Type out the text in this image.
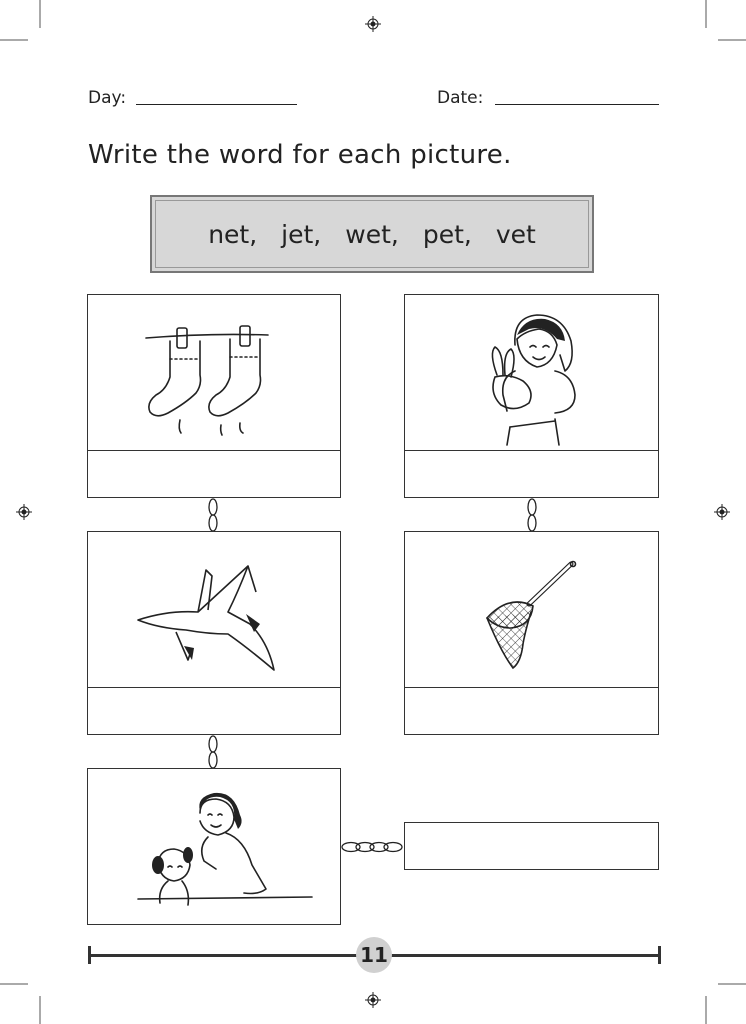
Day:	Date:
Write the word for each picture.
net, jet, wet, pet, vet
11
